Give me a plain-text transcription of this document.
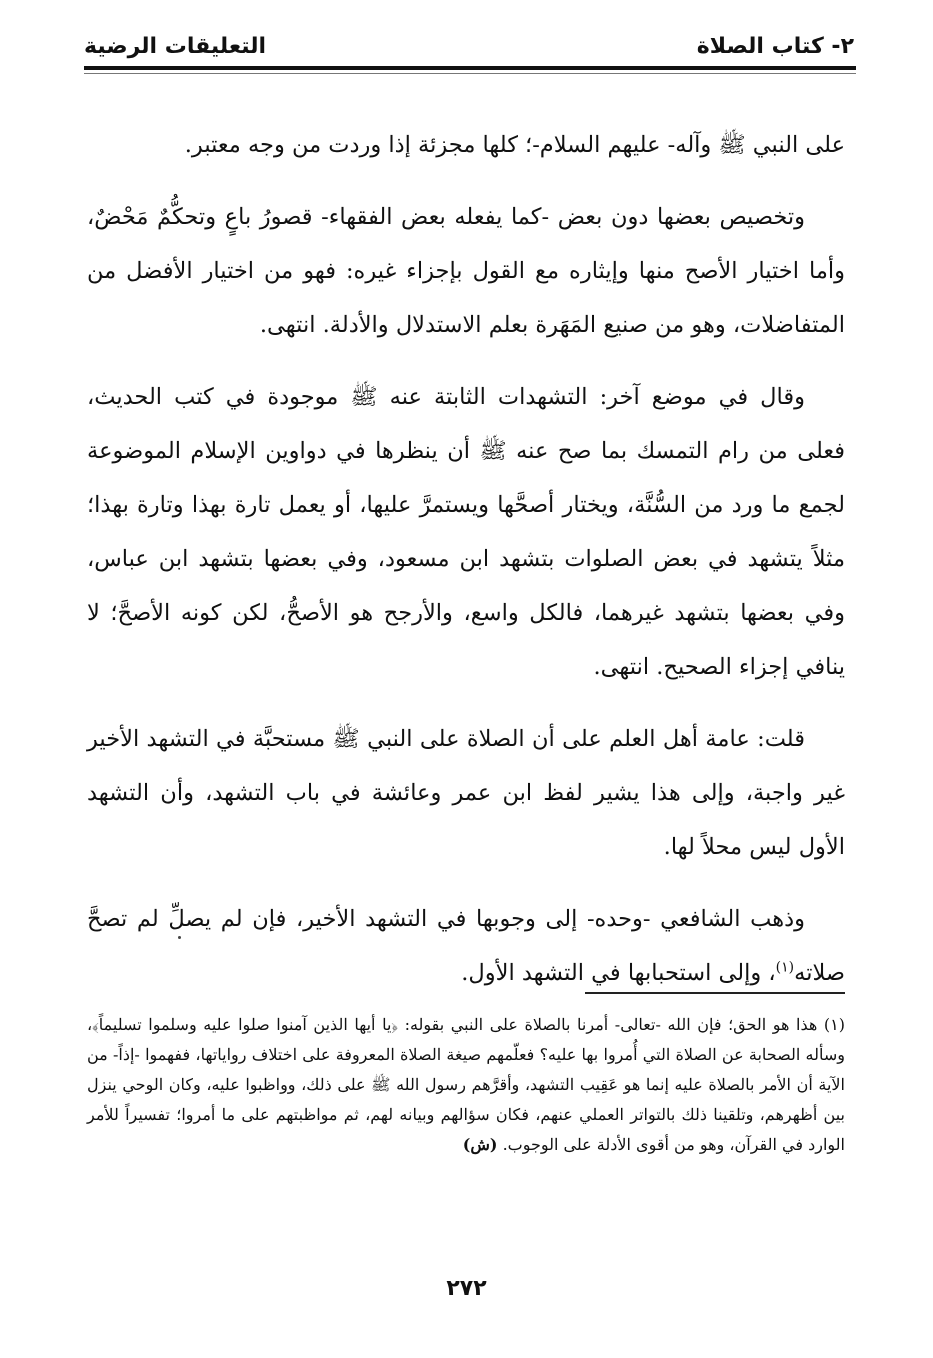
٢- كتاب الصلاة
التعليقات الرضية

على النبي ﷺ وآله- عليهم السلام-؛ كلها مجزئة إذا وردت من وجه معتبر.

وتخصيص بعضها دون بعض -كما يفعله بعض الفقهاء- قصورُ باعٍ وتحكُّمٌ مَحْضٌ، وأما اختيار الأصح منها وإيثاره مع القول بإجزاء غيره: فهو من اختيار الأفضل من المتفاضلات، وهو من صنيع المَهَرة بعلم الاستدلال والأدلة. انتهى.

وقال في موضع آخر: التشهدات الثابتة عنه ﷺ موجودة في كتب الحديث، فعلى من رام التمسك بما صح عنه ﷺ أن ينظرها في دواوين الإسلام الموضوعة لجمع ما ورد من السُّنَّة، ويختار أصحَّها ويستمرَّ عليها، أو يعمل تارة بهذا وتارة بهذا؛ مثلاً يتشهد في بعض الصلوات بتشهد ابن مسعود، وفي بعضها بتشهد ابن عباس، وفي بعضها بتشهد غيرهما، فالكل واسع، والأرجح هو الأصحُّ، لكن كونه الأصحَّ؛ لا ينافي إجزاء الصحيح. انتهى.

قلت: عامة أهل العلم على أن الصلاة على النبي ﷺ مستحبَّة في التشهد الأخير غير واجبة، وإلى هذا يشير لفظ ابن عمر وعائشة في باب التشهد، وأن التشهد الأول ليس محلاً لها.

وذهب الشافعي -وحده- إلى وجوبها في التشهد الأخير، فإن لم يصلِّ لم تصحَّ صلاته$^{(١)}$، وإلى استحبابها في التشهد الأول.

(١) هذا هو الحق؛ فإن الله -تعالى- أمرنا بالصلاة على النبي بقوله: ﴿يا أيها الذين آمنوا صلوا عليه وسلموا تسليماً﴾، وسأله الصحابة عن الصلاة التي أُمروا بها عليه؟ فعلّمهم صيغة الصلاة المعروفة على اختلاف رواياتها، ففهموا -إذاً- من الآية أن الأمر بالصلاة عليه إنما هو عَقِيب التشهد، وأقرَّهم رسول الله ﷺ على ذلك، وواظبوا عليه، وكان الوحي ينزل بين أظهرهم، وتلقينا ذلك بالتواتر العملي عنهم، فكان سؤالهم وبيانه لهم، ثم مواظبتهم على ما أمروا؛ تفسيراً للأمر الوارد في القرآن، وهو من أقوى الأدلة على الوجوب. (ش)
٢٧٢
